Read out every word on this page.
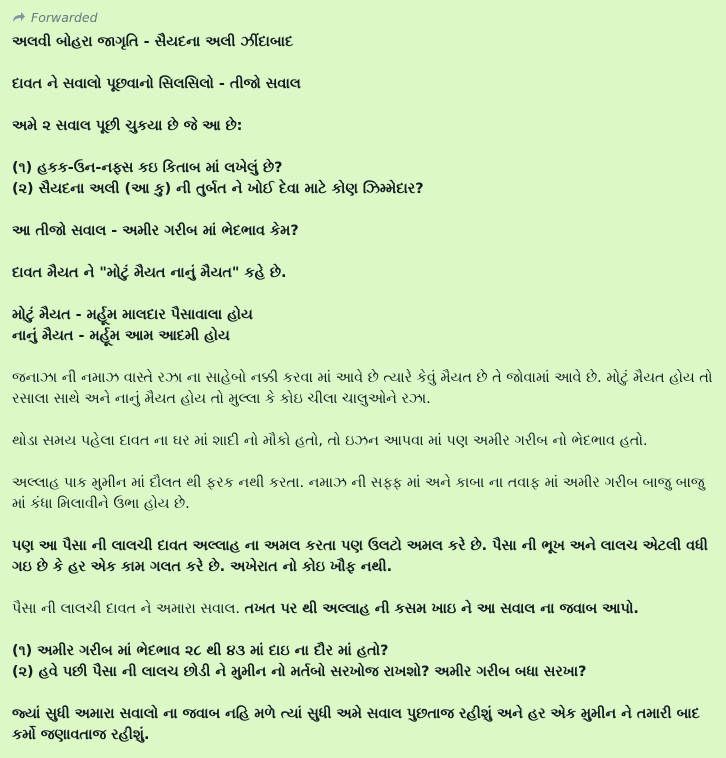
Forwarded
અલવી બોહરા જાગૃતિ - સૈયદના અલી ઝીંદાબાદ
દાવત ને સવાલો પૂછવાનો સિલસિલો - તીજો સવાલ
અમે ૨ સવાલ પૂછી ચુકયા છે જે આ છે:
(૧) હકક-ઉન-નફ્સ કઇ કિતાબ માં લખેલું છે?
(૨) સૈયદના અલી (આ કુ) ની તુર્બત ને ખોઈ દેવા માટે કોણ ઝિમ્મેદાર?
આ તીજો સવાલ - અમીર ગરીબ માં ભેદભાવ કેમ?
દાવત મૈયત ને "મોટું મૈયત નાનું મૈયત" કહે છે.
મોટું મૈયત - મર્હૂમ માલદાર પૈસાવાલા હોય
નાનું મૈયત - મર્હૂમ આમ આદમી હોય
જનાઝા ની નમાઝ વાસ્તે રઝા ના સાહેબો નક્કી કરવા માં આવે છે ત્યારે કેવું મૈયત છે તે જોવામાં આવે છે. મોટું મૈયત હોય તો રસાલા સાથે અને નાનું મૈયત હોય તો મુલ્લા કે કોઇ ચીલા ચાલુઓને રઝા.
થોડા સમય પહેલા દાવત ના ઘર માં શાદી નો મૌકો હતો, તો ઇઝન આપવા માં પણ અમીર ગરીબ નો ભેદભાવ હતો.
અલ્લાહ પાક મુમીન માં દૌલત થી ફરક નથી કરતા. નમાઝ ની સફ્ફ માં અને કાબા ના તવાફ માં અમીર ગરીબ બાજુ બાજુ માં કંધા મિલાવીને ઉભા હોય છે.
પણ આ પૈસા ની લાલચી દાવત અલ્લાહ ના અમલ કરતા પણ ઉલટો અમલ કરે છે. પૈસા ની ભૂખ અને લાલચ એટલી વધી ગઇ છે કે હર એક કામ ગલત કરે છે. અખેરાત નો કોઇ ખૌફ નથી.
પૈસા ની લાલચી દાવત ને અમારા સવાલ. તખત પર થી અલ્લાહ ની કસમ ખાઇ ને આ સવાલ ના જવાબ આપો.
(૧) અમીર ગરીબ માં ભેદભાવ ૨૮ થી ૪૩ માં દાઇ ના દૌર માં હતો?
(૨) હવે પછી પૈસા ની લાલચ છોડી ને મુમીન નો મર્તબો સરખોજ રાખશો? અમીર ગરીબ બધા સરખા?
જ્યાં સુધી અમારા સવાલો ના જવાબ નહિ મળે ત્યાં સુધી અમે સવાલ પુછતાજ રહીશું અને હર એક મુમીન ને તમારી બાદ કર્મો જણાવતાજ રહીશું.
